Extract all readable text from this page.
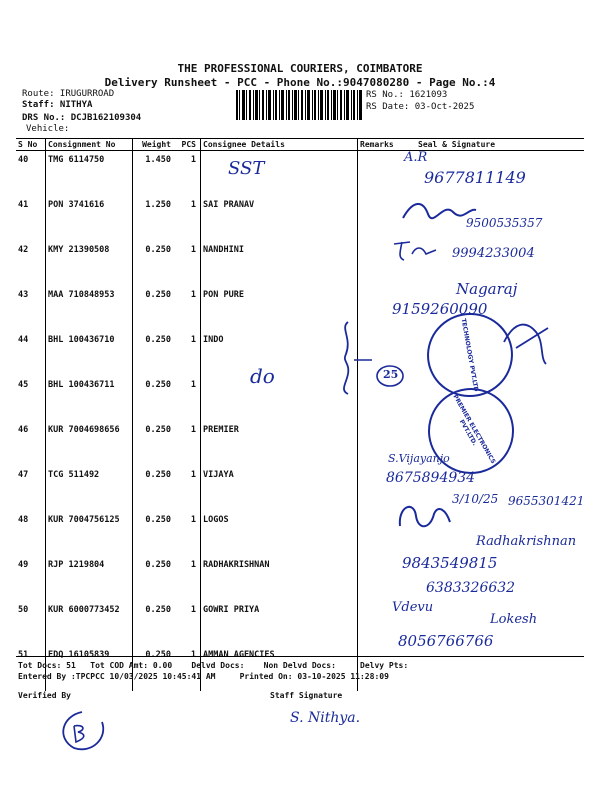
THE PROFESSIONAL COURIERS, COIMBATORE
Delivery Runsheet - PCC - Phone No.:9047080280 - Page No.:4
Route: IRUGURROAD
Staff: NITHYA
DRS No.: DCJB162109304
Vehicle:
RS No.: 1621093
RS Date: 03-Oct-2025
S No	Consignment No	Weight	PCS	Consignee Details	Remarks	Seal & Signature
40	TMG 6114750	1.450	1			
41	PON 3741616	1.250	1	SAI PRANAV		
42	KMY 21390508	0.250	1	NANDHINI		
43	MAA 710848953	0.250	1	PON PURE		
44	BHL 100436710	0.250	1	INDO		
45	BHL 100436711	0.250	1			
46	KUR 7004698656	0.250	1	PREMIER		
47	TCG 511492	0.250	1	VIJAYA		
48	KUR 7004756125	0.250	1	LOGOS		
49	RJP 1219804	0.250	1	RADHAKRISHNAN		
50	KUR 6000773452	0.250	1	GOWRI PRIYA		
51	EDQ 16105839	0.250	1	AMMAN AGENCIES		
SST
A.R
9677811149
9500535357
9994233004
Nagaraj
9159260090
25
do	TECHNOLOGY PVT.LTD
PREMIER ELECTRONICS PVT.LTD.
S.Vijayanjo
8675894934
3/10/25 9655301421
Radhakrishnan
9843549815
6383326632
Vdevu
Lokesh
8056766766
Tot Docs: 51 Tot COD Amt: 0.00 Delvd Docs: Non Delvd Docs:	Delvy Pts:
Entered By :TPCPCC 10/03/2025 10:45:41 AM	Printed On: 03-10-2025 11:28:09
Verified By	Staff Signature
S. Nithya.
